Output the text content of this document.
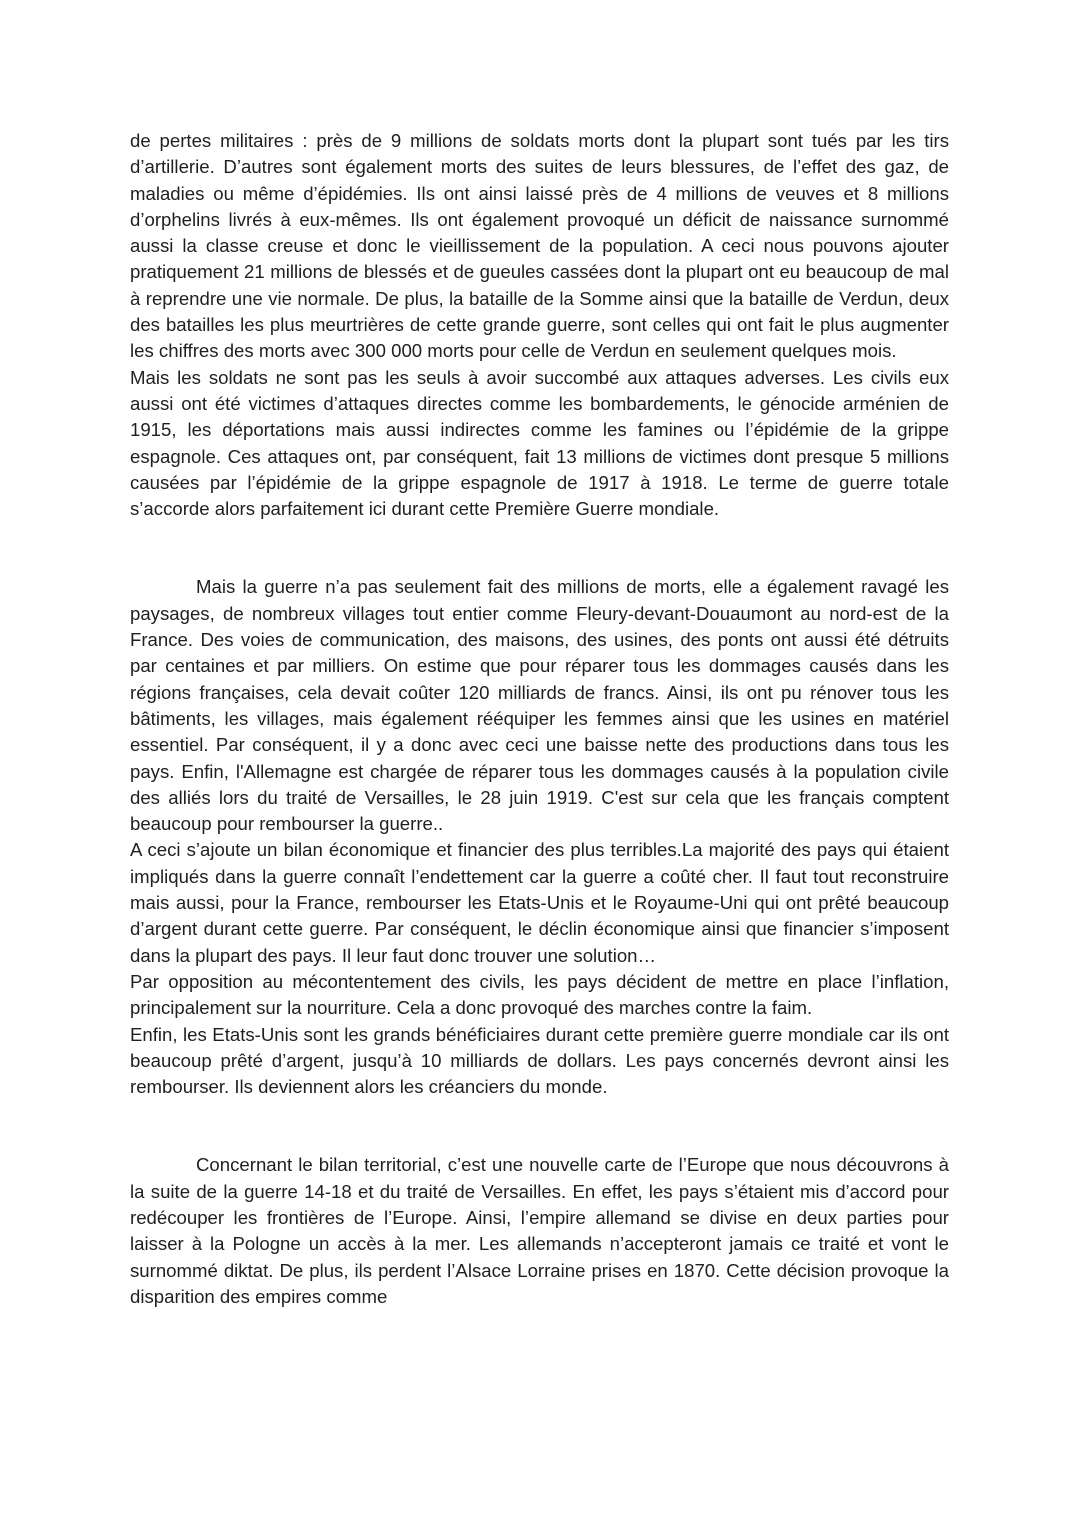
de pertes militaires : près de 9 millions de soldats morts dont la plupart sont tués par les tirs d’artillerie. D’autres sont également morts des suites de leurs blessures, de l’effet des gaz, de maladies ou même d’épidémies. Ils ont ainsi laissé près de 4 millions de veuves et 8 millions d’orphelins livrés à eux-mêmes. Ils ont également provoqué un déficit de naissance surnommé aussi la classe creuse et donc le vieillissement de la population. A ceci nous pouvons ajouter pratiquement 21 millions de blessés et de gueules cassées dont la plupart ont eu beaucoup de mal à reprendre une vie normale. De plus, la bataille de la Somme ainsi que la bataille de Verdun, deux des batailles les plus meurtrières de cette grande guerre, sont celles qui ont fait le plus augmenter les chiffres des morts avec 300 000 morts pour celle de Verdun en seulement quelques mois.

Mais les soldats ne sont pas les seuls à avoir succombé aux attaques adverses. Les civils eux aussi ont été victimes d’attaques directes comme les bombardements, le génocide arménien de 1915, les déportations mais aussi indirectes comme les famines ou l’épidémie de la grippe espagnole. Ces attaques ont, par conséquent, fait 13 millions de victimes dont presque 5 millions causées par l’épidémie de la grippe espagnole de 1917 à 1918. Le terme de guerre totale s’accorde alors parfaitement ici durant cette Première Guerre mondiale.

Mais la guerre n’a pas seulement fait des millions de morts, elle a également ravagé les paysages, de nombreux villages tout entier comme Fleury-devant-Douaumont au nord-est de la France. Des voies de communication, des maisons, des usines, des ponts ont aussi été détruits par centaines et par milliers. On estime que pour réparer tous les dommages causés dans les régions françaises, cela devait coûter 120 milliards de francs. Ainsi, ils ont pu rénover tous les bâtiments, les villages, mais également rééquiper les femmes ainsi que les usines en matériel essentiel. Par conséquent, il y a donc avec ceci une baisse nette des productions dans tous les pays. Enfin, l'Allemagne est chargée de réparer tous les dommages causés à la population civile des alliés lors du traité de Versailles, le 28 juin 1919. C'est sur cela que les français comptent beaucoup pour rembourser la guerre..

A ceci s’ajoute un bilan économique et financier des plus terribles.La majorité des pays qui étaient impliqués dans la guerre connaît l’endettement car la guerre a coûté cher. Il faut tout reconstruire mais aussi, pour la France, rembourser les Etats-Unis et le Royaume-Uni qui ont prêté beaucoup d’argent durant cette guerre. Par conséquent, le déclin économique ainsi que financier s’imposent dans la plupart des pays. Il leur faut donc trouver une solution…

Par opposition au mécontentement des civils, les pays décident de mettre en place l’inflation, principalement sur la nourriture. Cela a donc provoqué des marches contre la faim.

Enfin, les Etats-Unis sont les grands bénéficiaires durant cette première guerre mondiale car ils ont beaucoup prêté d’argent, jusqu’à 10 milliards de dollars. Les pays concernés devront ainsi les rembourser. Ils deviennent alors les créanciers du monde.

Concernant le bilan territorial, c’est une nouvelle carte de l’Europe que nous découvrons à la suite de la guerre 14-18 et du traité de Versailles. En effet, les pays s’étaient mis d’accord pour redécouper les frontières de l’Europe. Ainsi, l’empire allemand se divise en deux parties pour laisser à la Pologne un accès à la mer. Les allemands n’accepteront jamais ce traité et vont le surnommé diktat. De plus, ils perdent l’Alsace Lorraine prises en 1870. Cette décision provoque la disparition des empires comme
